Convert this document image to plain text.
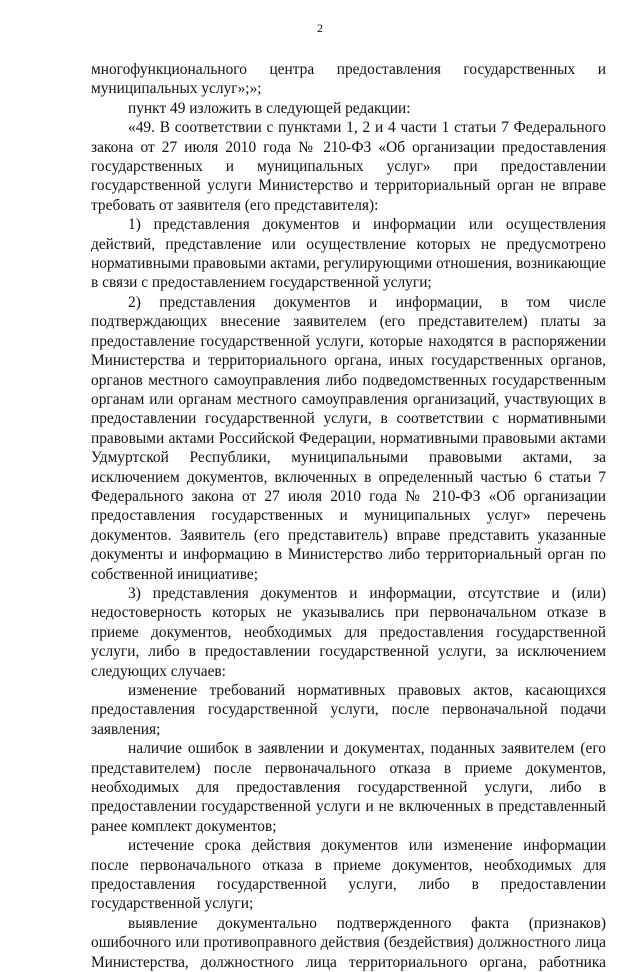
2

многофункционального центра предоставления государственных и муниципальных услуг»;»;

пункт 49 изложить в следующей редакции:

«49. В соответствии с пунктами 1, 2 и 4 части 1 статьи 7 Федерального закона от 27 июля 2010 года № 210-ФЗ «Об организации предоставления государственных и муниципальных услуг» при предоставлении государственной услуги Министерство и территориальный орган не вправе требовать от заявителя (его представителя):

1) представления документов и информации или осуществления действий, представление или осуществление которых не предусмотрено нормативными правовыми актами, регулирующими отношения, возникающие в связи с предоставлением государственной услуги;

2) представления документов и информации, в том числе подтверждающих внесение заявителем (его представителем) платы за предоставление государственной услуги, которые находятся в распоряжении Министерства и территориального органа, иных государственных органов, органов местного самоуправления либо подведомственных государственным органам или органам местного самоуправления организаций, участвующих в предоставлении государственной услуги, в соответствии с нормативными правовыми актами Российской Федерации, нормативными правовыми актами Удмуртской Республики, муниципальными правовыми актами, за исключением документов, включенных в определенный частью 6 статьи 7 Федерального закона от 27 июля 2010 года № 210-ФЗ «Об организации предоставления государственных и муниципальных услуг» перечень документов. Заявитель (его представитель) вправе представить указанные документы и информацию в Министерство либо территориальный орган по собственной инициативе;

3) представления документов и информации, отсутствие и (или) недостоверность которых не указывались при первоначальном отказе в приеме документов, необходимых для предоставления государственной услуги, либо в предоставлении государственной услуги, за исключением следующих случаев:

изменение требований нормативных правовых актов, касающихся предоставления государственной услуги, после первоначальной подачи заявления;

наличие ошибок в заявлении и документах, поданных заявителем (его представителем) после первоначального отказа в приеме документов, необходимых для предоставления государственной услуги, либо в предоставлении государственной услуги и не включенных в представленный ранее комплект документов;

истечение срока действия документов или изменение информации после первоначального отказа в приеме документов, необходимых для предоставления государственной услуги, либо в предоставлении государственной услуги;

выявление документально подтвержденного факта (признаков) ошибочного или противоправного действия (бездействия) должностного лица Министерства, должностного лица территориального органа, работника
